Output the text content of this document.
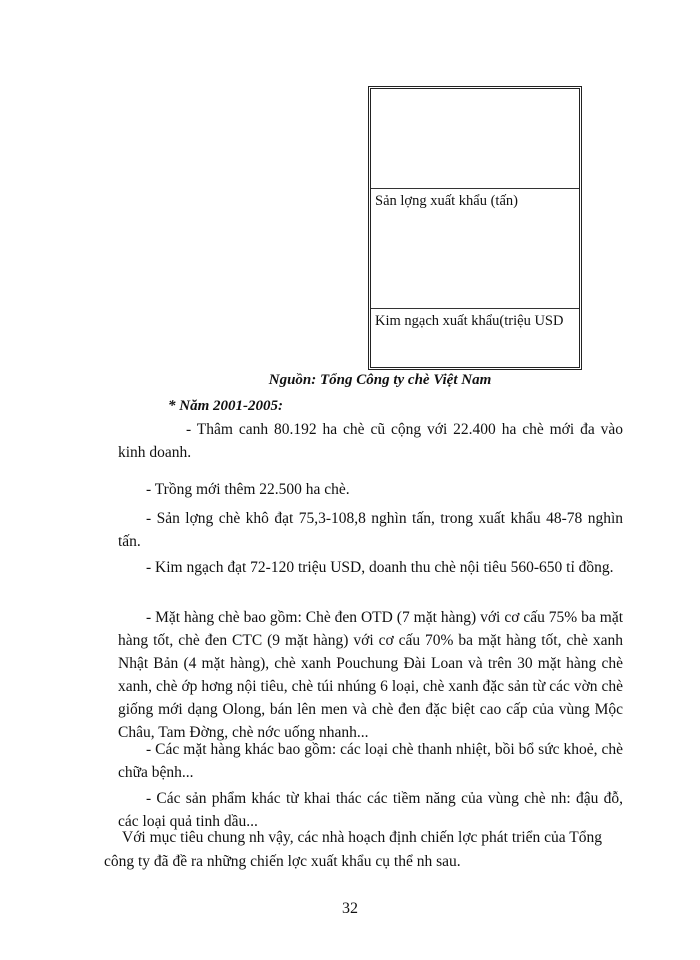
Sản lợng xuất khẩu (tấn)
Kim ngạch xuất khẩu(triệu USD
Nguồn: Tổng Công ty chè Việt Nam
* Năm 2001-2005:

- Thâm canh 80.192 ha chè cũ cộng với 22.400 ha chè mới đa vào kinh doanh.

- Trồng mới thêm 22.500 ha chè.

- Sản lợng chè khô đạt 75,3-108,8 nghìn tấn, trong xuất khẩu 48-78 nghìn tấn.

- Kim ngạch đạt 72-120 triệu USD, doanh thu chè nội tiêu 560-650 tỉ đồng.

- Mặt hàng chè bao gồm: Chè đen OTD (7 mặt hàng) với cơ cấu 75% ba mặt hàng tốt, chè đen CTC (9 mặt hàng) với cơ cấu 70% ba mặt hàng tốt, chè xanh Nhật Bản (4 mặt hàng), chè xanh Pouchung Đài Loan và trên 30 mặt hàng chè xanh, chè ớp hơng nội tiêu, chè túi nhúng 6 loại, chè xanh đặc sản từ các vờn chè giống mới dạng Olong, bán lên men và chè đen đặc biệt cao cấp của vùng Mộc Châu, Tam Đờng, chè nớc uống nhanh...

- Các mặt hàng khác bao gồm: các loại chè thanh nhiệt, bồi bổ sức khoẻ, chè chữa bệnh...

- Các sản phẩm khác từ khai thác các tiềm năng của vùng chè nh: đậu đỗ, các loại quả tinh dầu...

Với mục tiêu chung nh vậy, các nhà hoạch định chiến lợc phát triển của Tổng công ty đã đề ra những chiến lợc xuất khẩu cụ thể nh sau.

32
